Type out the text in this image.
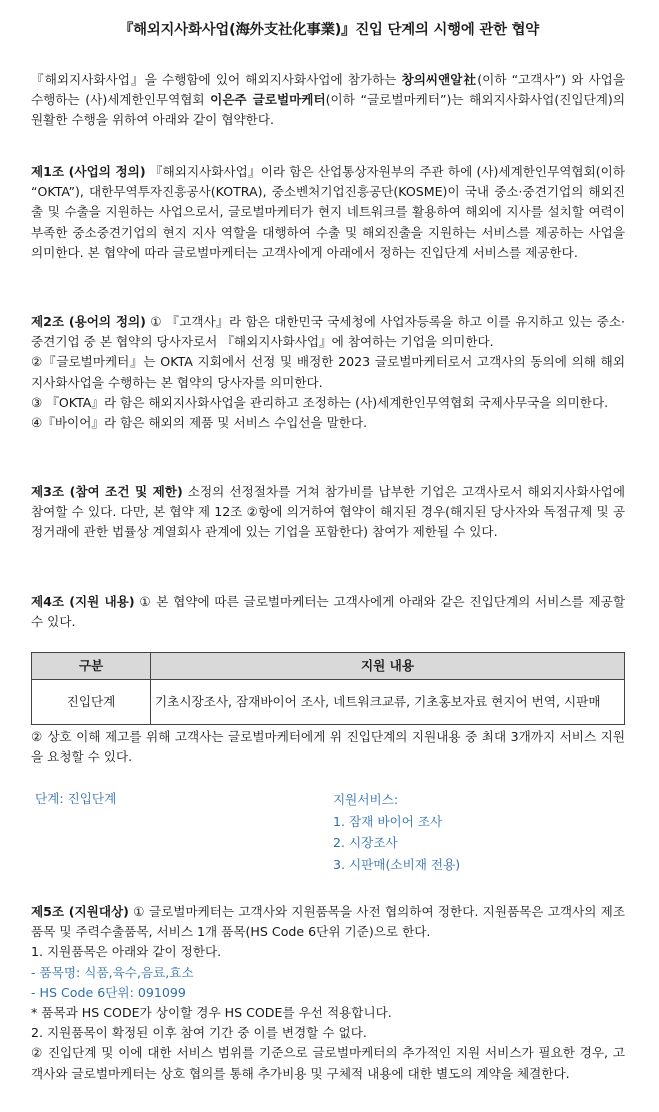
『해외지사화사업(海外支社化事業)』진입 단계의 시행에 관한 협약

『해외지사화사업』을 수행함에 있어 해외지사화사업에 참가하는 창의씨앤알社(이하 “고객사”) 와 사업을 수행하는 (사)세계한인무역협회 이은주 글로벌마케터(이하 “글로벌마케터”)는 해외지사화사업(진입단계)의 원활한 수행을 위하여 아래와 같이 협약한다.

제1조 (사업의 정의) 『해외지사화사업』이라 함은 산업통상자원부의 주관 하에 (사)세계한인무역협회(이하 “OKTA”), 대한무역투자진흥공사(KOTRA), 중소벤처기업진흥공단(KOSME)이 국내 중소·중견기업의 해외진출 및 수출을 지원하는 사업으로서, 글로벌마케터가 현지 네트워크를 활용하여 해외에 지사를 설치할 여력이 부족한 중소중견기업의 현지 지사 역할을 대행하여 수출 및 해외진출을 지원하는 서비스를 제공하는 사업을 의미한다. 본 협약에 따라 글로벌마케터는 고객사에게 아래에서 정하는 진입단계 서비스를 제공한다.

제2조 (용어의 정의) ① 『고객사』라 함은 대한민국 국세청에 사업자등록을 하고 이를 유지하고 있는 중소·중견기업 중 본 협약의 당사자로서 『해외지사화사업』에 참여하는 기업을 의미한다.

②『글로벌마케터』는 OKTA 지회에서 선정 및 배정한 2023 글로벌마케터로서 고객사의 동의에 의해 해외지사화사업을 수행하는 본 협약의 당사자를 의미한다.

③ 『OKTA』라 함은 해외지사화사업을 관리하고 조정하는 (사)세계한인무역협회 국제사무국을 의미한다.

④『바이어』라 함은 해외의 제품 및 서비스 수입선을 말한다.

제3조 (참여 조건 및 제한) 소정의 선정절차를 거쳐 참가비를 납부한 기업은 고객사로서 해외지사화사업에 참여할 수 있다. 다만, 본 협약 제 12조 ②항에 의거하여 협약이 해지된 경우(해지된 당사자와 독점규제 및 공정거래에 관한 법률상 계열회사 관계에 있는 기업을 포함한다) 참여가 제한될 수 있다.

제4조 (지원 내용) ① 본 협약에 따른 글로벌마케터는 고객사에게 아래와 같은 진입단계의 서비스를 제공할 수 있다.

구분	지원 내용
진입단계	기초시장조사, 잠재바이어 조사, 네트워크교류, 기초홍보자료 현지어 번역, 시판매

② 상호 이해 제고를 위해 고객사는 글로벌마케터에게 위 진입단계의 지원내용 중 최대 3개까지 서비스 지원을 요청할 수 있다.

단계: 진입단계	지원서비스:
1. 잠재 바이어 조사
2. 시장조사
3. 시판매(소비재 전용)

제5조 (지원대상) ① 글로벌마케터는 고객사와 지원품목을 사전 협의하여 정한다. 지원품목은 고객사의 제조품목 및 주력수출품목, 서비스 1개 품목(HS Code 6단위 기준)으로 한다.

1. 지원품목은 아래와 같이 정한다.

- 품목명: 식품,육수,음료,효소

- HS Code 6단위: 091099

* 품목과 HS CODE가 상이할 경우 HS CODE를 우선 적용합니다.

2. 지원품목이 확정된 이후 참여 기간 중 이를 변경할 수 없다.

② 진입단계 및 이에 대한 서비스 범위를 기준으로 글로벌마케터의 추가적인 지원 서비스가 필요한 경우, 고객사와 글로벌마케터는 상호 협의를 통해 추가비용 및 구체적 내용에 대한 별도의 계약을 체결한다.
